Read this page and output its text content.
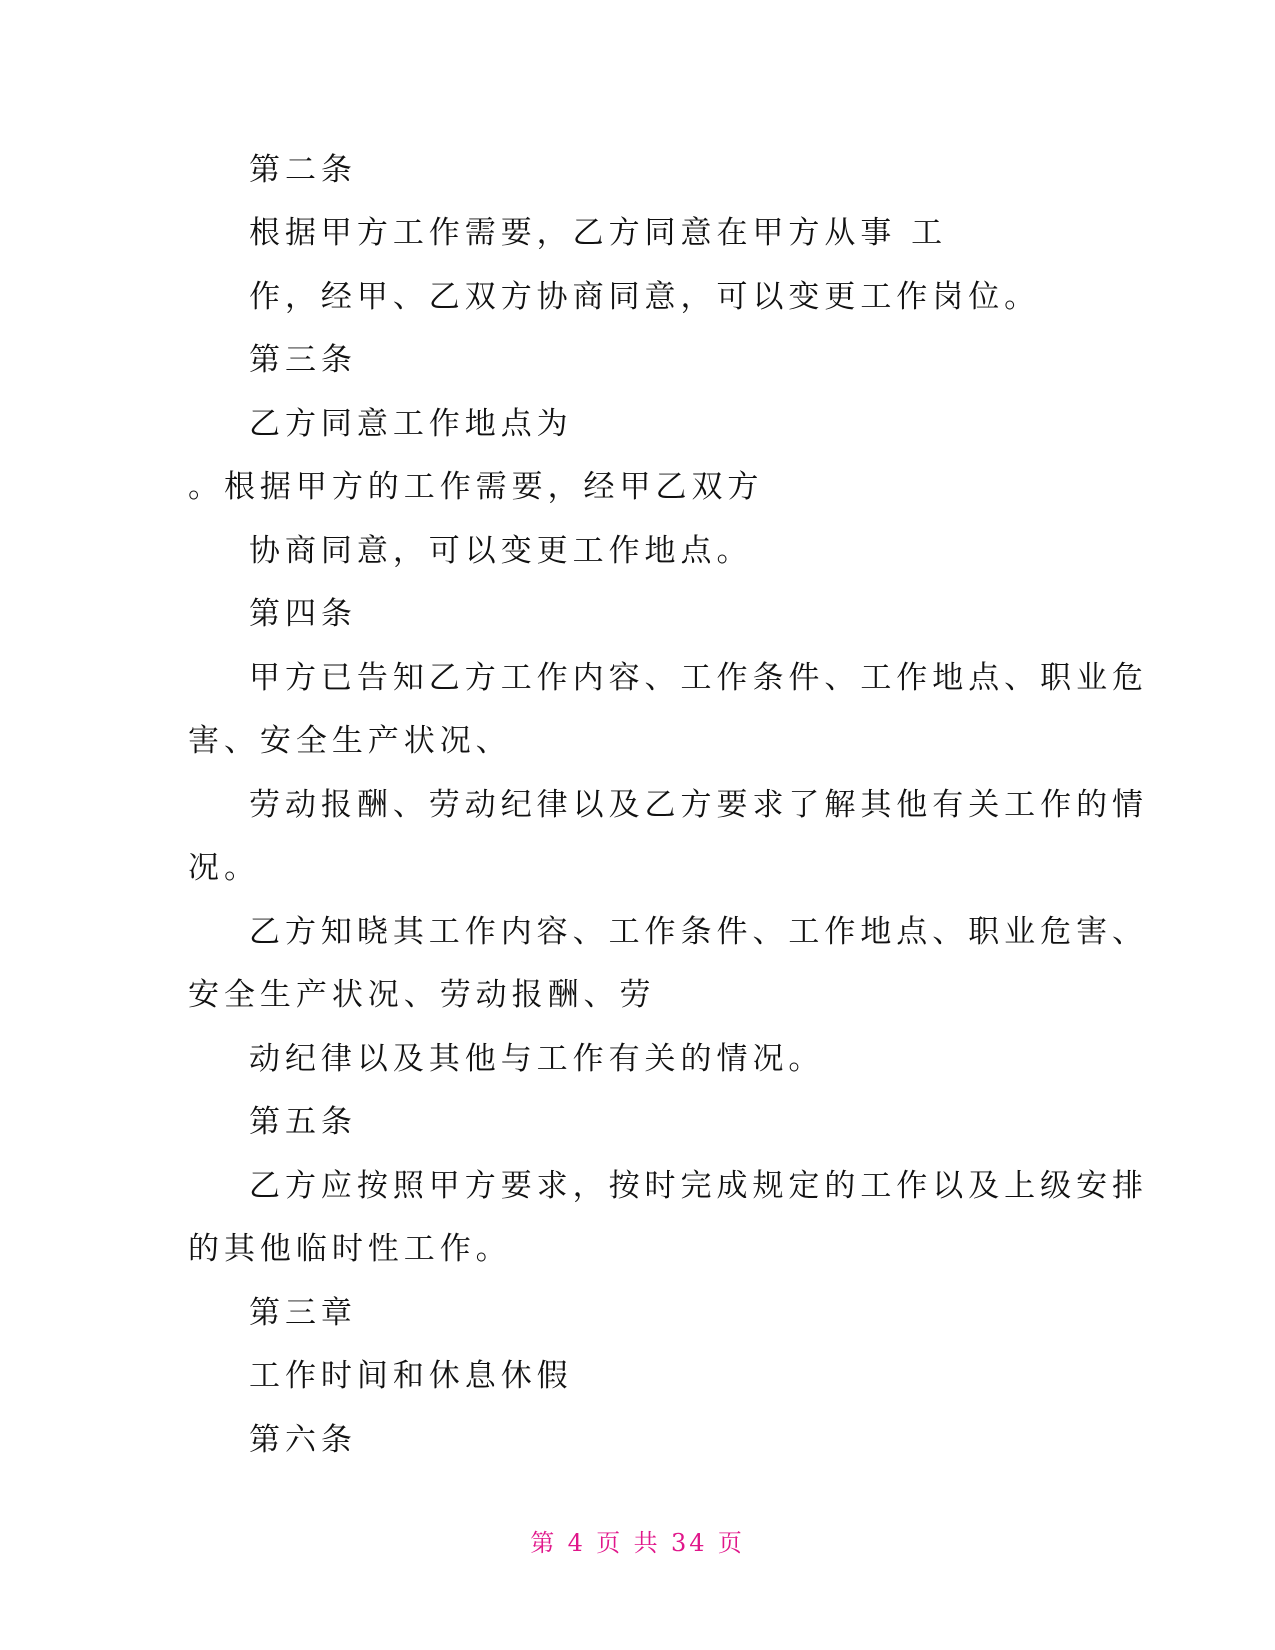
第二条
根据甲方工作需要，乙方同意在甲方从事 工
作，经甲、乙双方协商同意，可以变更工作岗位。
第三条
乙方同意工作地点为
。根据甲方的工作需要，经甲乙双方
协商同意，可以变更工作地点。
第四条
甲方已告知乙方工作内容、工作条件、工作地点、职业危
害、安全生产状况、
劳动报酬、劳动纪律以及乙方要求了解其他有关工作的情
况。
乙方知晓其工作内容、工作条件、工作地点、职业危害、
安全生产状况、劳动报酬、劳
动纪律以及其他与工作有关的情况。
第五条
乙方应按照甲方要求，按时完成规定的工作以及上级安排
的其他临时性工作。
第三章
工作时间和休息休假
第六条
第 4 页 共 34 页
